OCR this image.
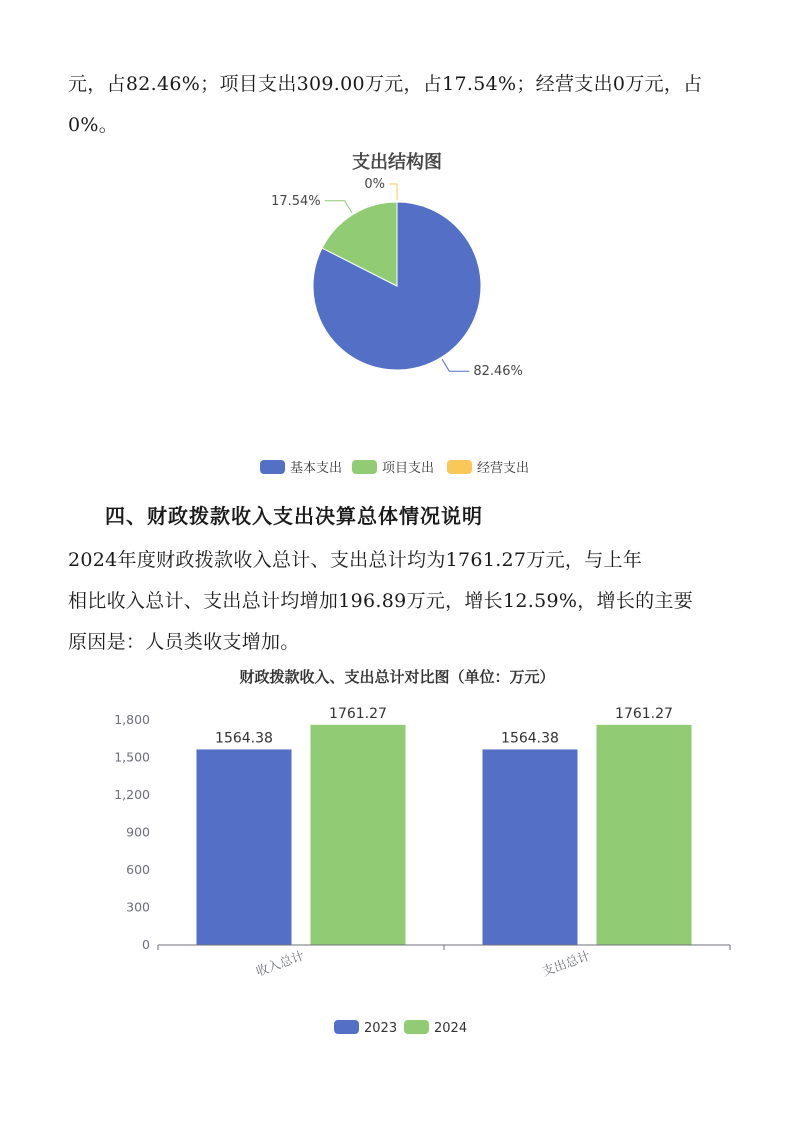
元，占82.46%；项目支出309.00万元，占17.54%；经营支出0万元，占

0%。

支出结构图
82.46%
17.54%
0%
基本支出	项目支出	经营支出

四、财政拨款收入支出决算总体情况说明

2024年度财政拨款收入总计、支出总计均为1761.27万元，与上年

相比收入总计、支出总计均增加196.89万元，增长12.59%，增长的主要

原因是：人员类收支增加。

财政拨款收入、支出总计对比图（单位：万元）
0
300
600
900
1,200
1,500
1,800
1564.38
1761.27
1564.38
1761.27
收入总计	支出总计
2023	2024
